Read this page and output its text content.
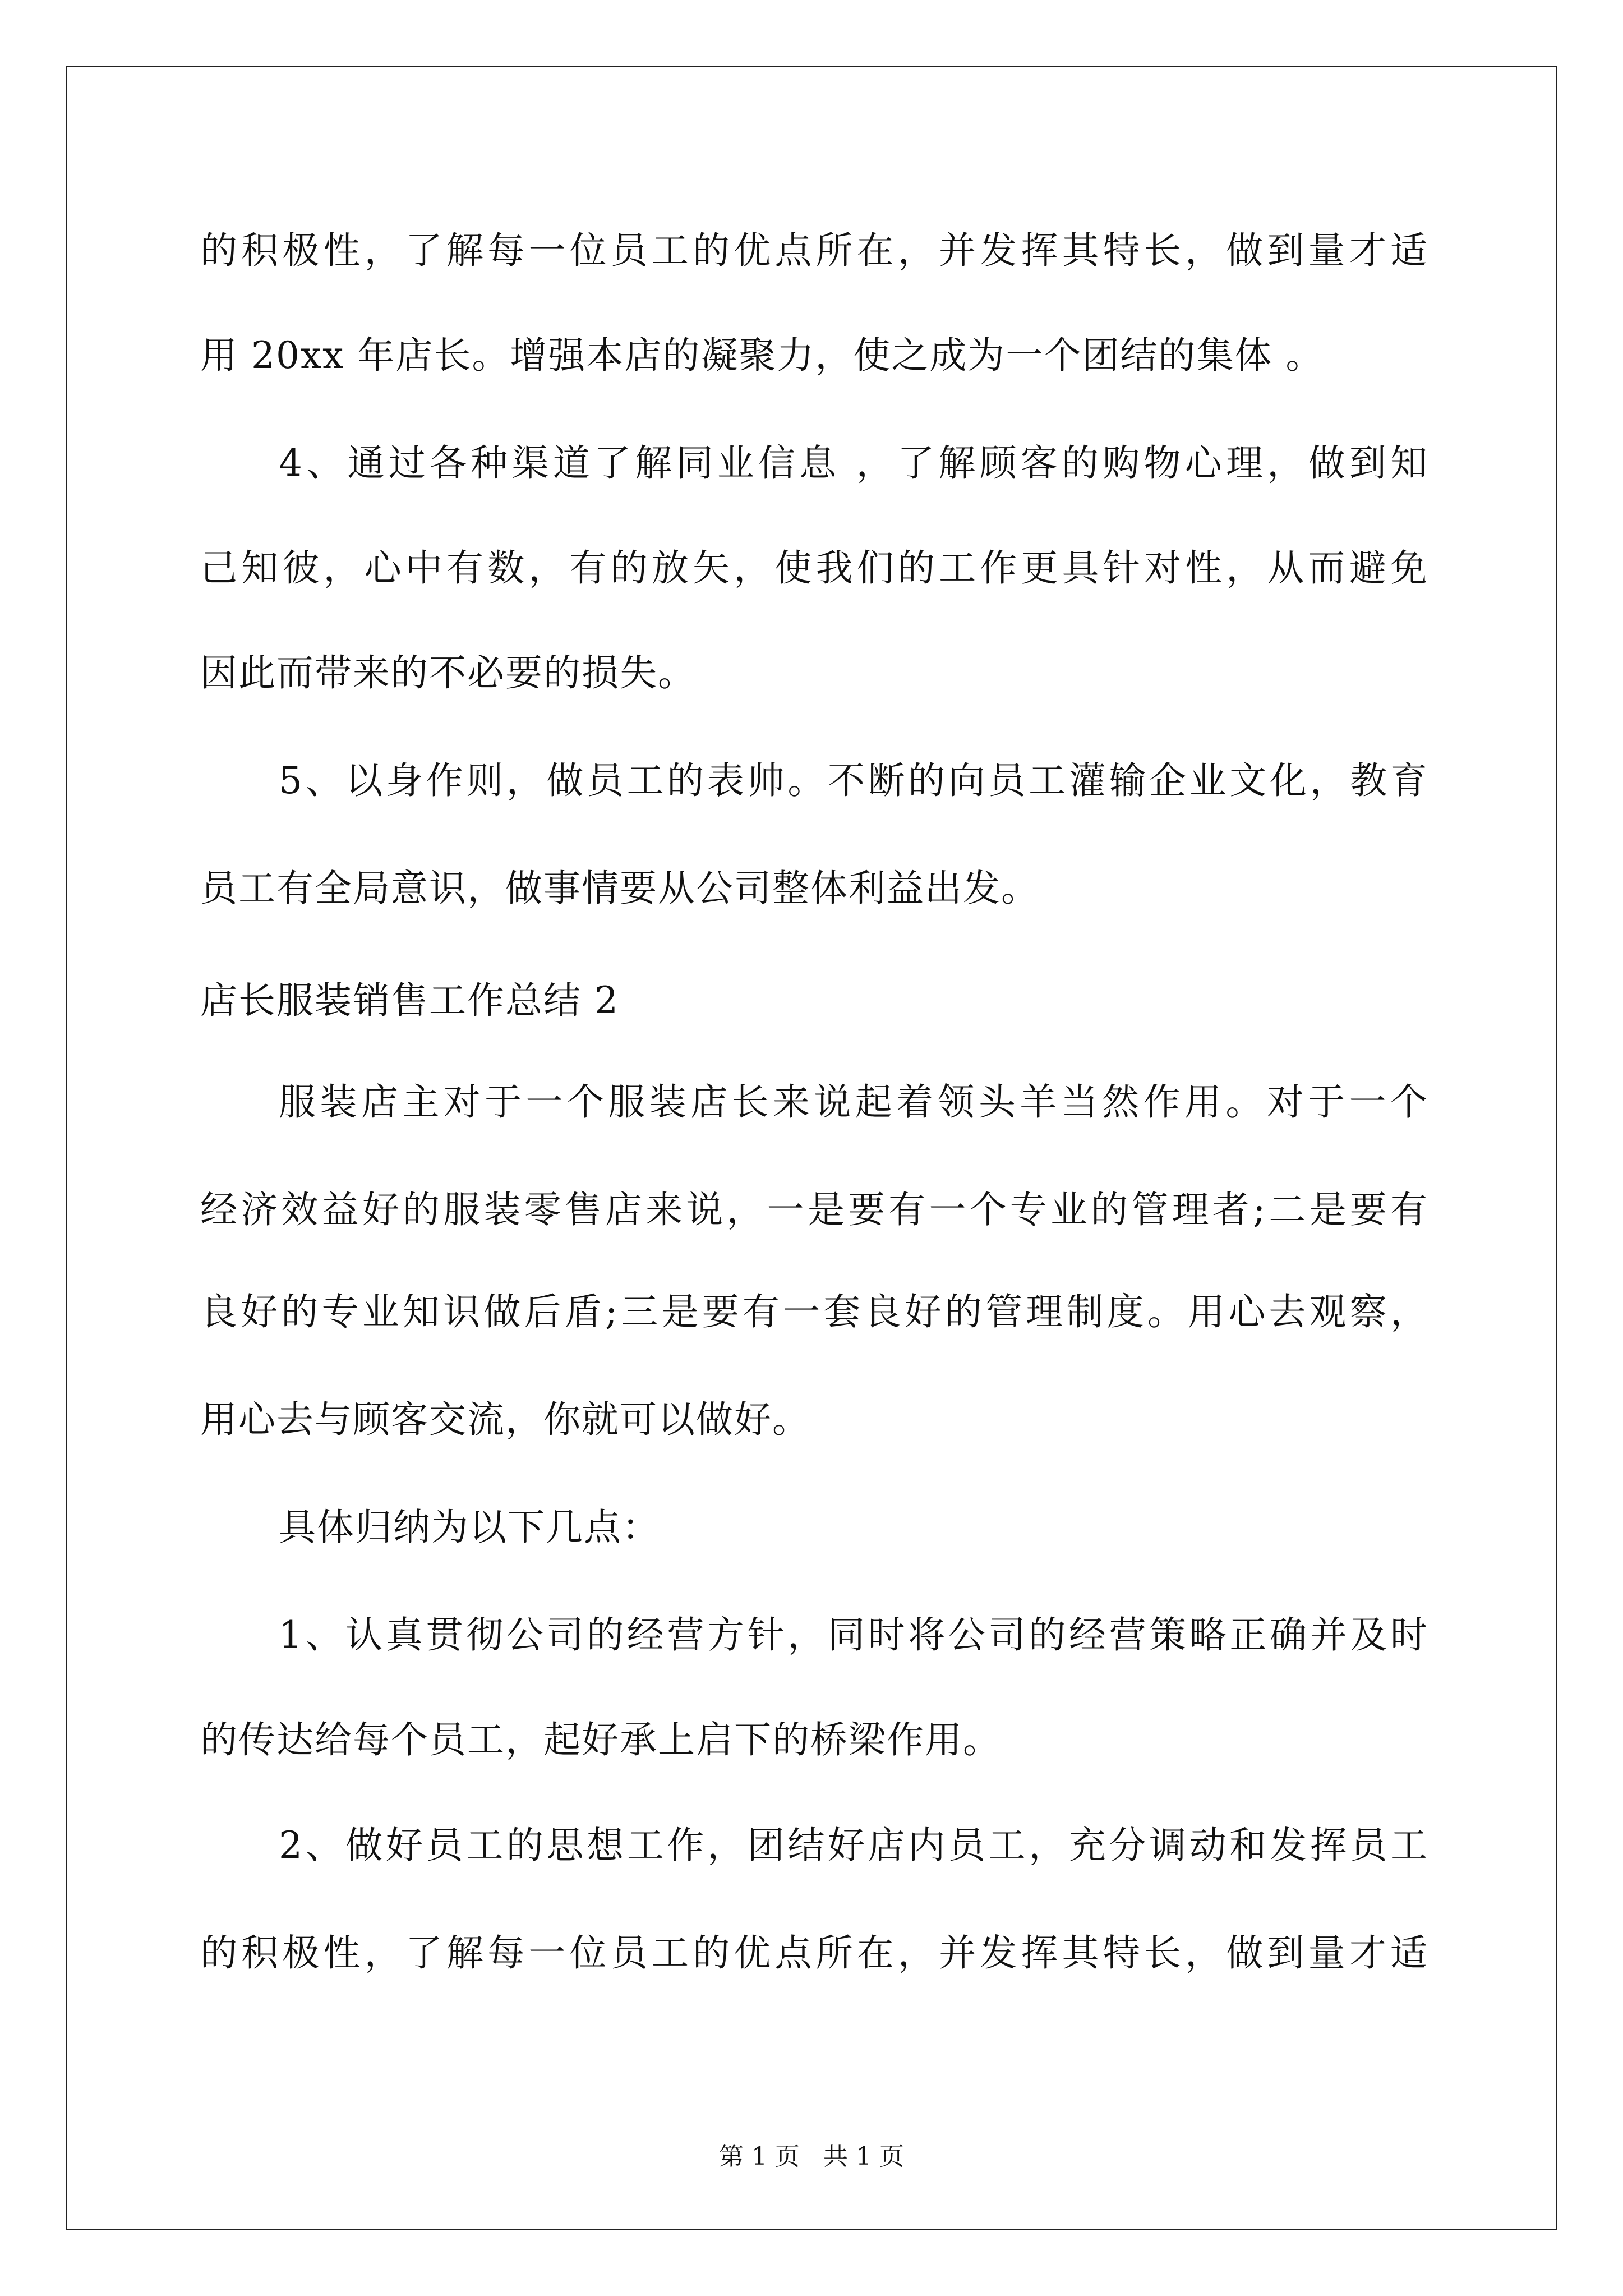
的积极性，了解每一位员工的优点所在，并发挥其特长，做到量才适
用 20xx 年店长。增强本店的凝聚力，使之成为一个团结的集体 。
4、通过各种渠道了解同业信息 ，了解顾客的购物心理，做到知
己知彼，心中有数，有的放矢，使我们的工作更具针对性，从而避免
因此而带来的不必要的损失。
5、以身作则，做员工的表帅。不断的向员工灌输企业文化，教育
员工有全局意识，做事情要从公司整体利益出发。
店长服装销售工作总结 2
服装店主对于一个服装店长来说起着领头羊当然作用。对于一个
经济效益好的服装零售店来说，一是要有一个专业的管理者;二是要有
良好的专业知识做后盾;三是要有一套良好的管理制度。用心去观察，
用心去与顾客交流，你就可以做好。
具体归纳为以下几点：
1、认真贯彻公司的经营方针，同时将公司的经营策略正确并及时
的传达给每个员工，起好承上启下的桥梁作用。
2、做好员工的思想工作，团结好店内员工，充分调动和发挥员工
的积极性，了解每一位员工的优点所在，并发挥其特长，做到量才适
第 1 页   共 1 页
